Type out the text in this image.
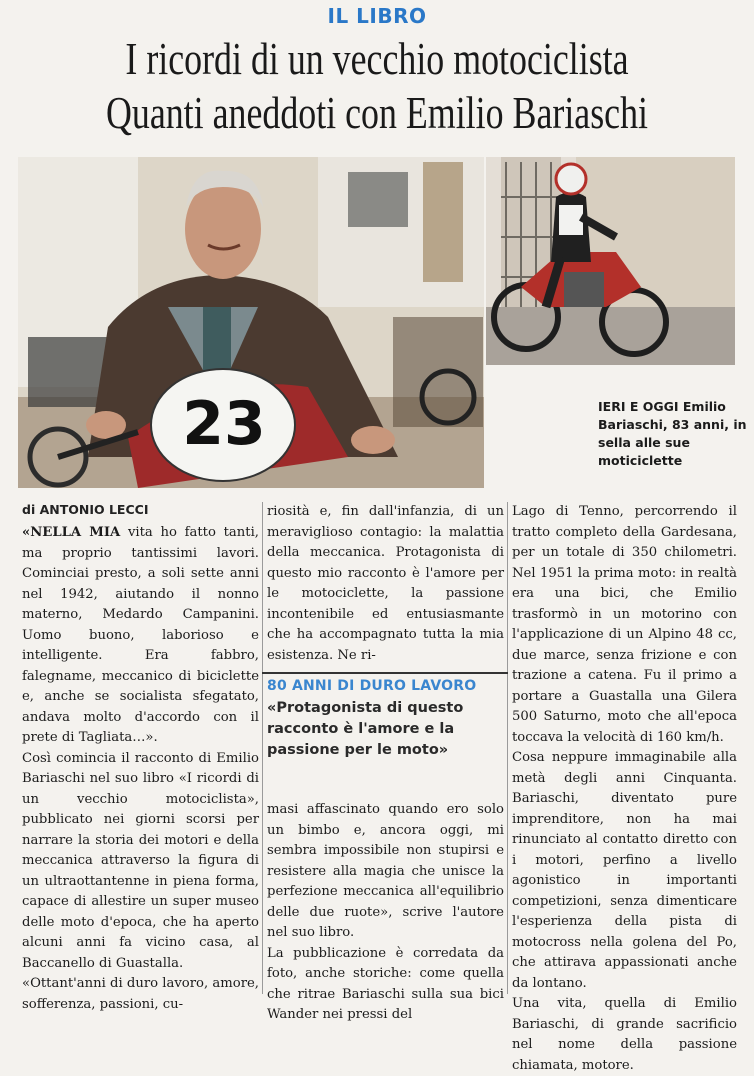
IL LIBRO
I ricordi di un vecchio motociclista
Quanti aneddoti con Emilio Bariaschi
23	IERI E OGGI Emilio Bariaschi, 83 anni, in sella alle sue moticiclette
di ANTONIO LECCI

«NELLA MIA vita ho fatto tanti, ma proprio tantissimi lavori. Cominciai presto, a soli sette anni nel 1942, aiutando il nonno materno, Medardo Campanini. Uomo buono, laborioso e intelligente. Era fabbro, falegname, meccanico di biciclette e, anche se socialista sfegatato, andava molto d'accordo con il prete di Tagliata…».

Così comincia il racconto di Emilio Bariaschi nel suo libro «I ricordi di un vecchio motociclista», pubblicato nei giorni scorsi per narrare la storia dei motori e della meccanica attraverso la figura di un ultraottantenne in piena forma, capace di allestire un super museo delle moto d'epoca, che ha aperto alcuni anni fa vicino casa, al Baccanello di Guastalla.

«Ottant'anni di duro lavoro, amore, sofferenza, passioni, cu-

riosità e, fin dall'infanzia, di un meraviglioso contagio: la malattia della meccanica. Protagonista di questo mio racconto è l'amore per le motociclette, la passione incontenibile ed entusiasmante che ha accompagnato tutta la mia esistenza. Ne ri-

80 ANNI DI DURO LAVORO
«Protagonista di questo racconto è l'amore e la passione per le moto»

masi affascinato quando ero solo un bimbo e, ancora oggi, mi sembra impossibile non stupirsi e resistere alla magia che unisce la perfezione meccanica all'equilibrio delle due ruote», scrive l'autore nel suo libro.

La pubblicazione è corredata da foto, anche storiche: come quella che ritrae Bariaschi sulla sua bici Wander nei pressi del

Lago di Tenno, percorrendo il tratto completo della Gardesana, per un totale di 350 chilometri. Nel 1951 la prima moto: in realtà era una bici, che Emilio trasformò in un motorino con l'applicazione di un Alpino 48 cc, due marce, senza frizione e con trazione a catena. Fu il primo a portare a Guastalla una Gilera 500 Saturno, moto che all'epoca toccava la velocità di 160 km/h.

Cosa neppure immaginabile alla metà degli anni Cinquanta. Bariaschi, diventato pure imprenditore, non ha mai rinunciato al contatto diretto con i motori, perfino a livello agonistico in importanti competizioni, senza dimenticare l'esperienza della pista di motocross nella golena del Po, che attirava appassionati anche da lontano.

Una vita, quella di Emilio Bariaschi, di grande sacrificio nel nome della passione chiamata, motore.
